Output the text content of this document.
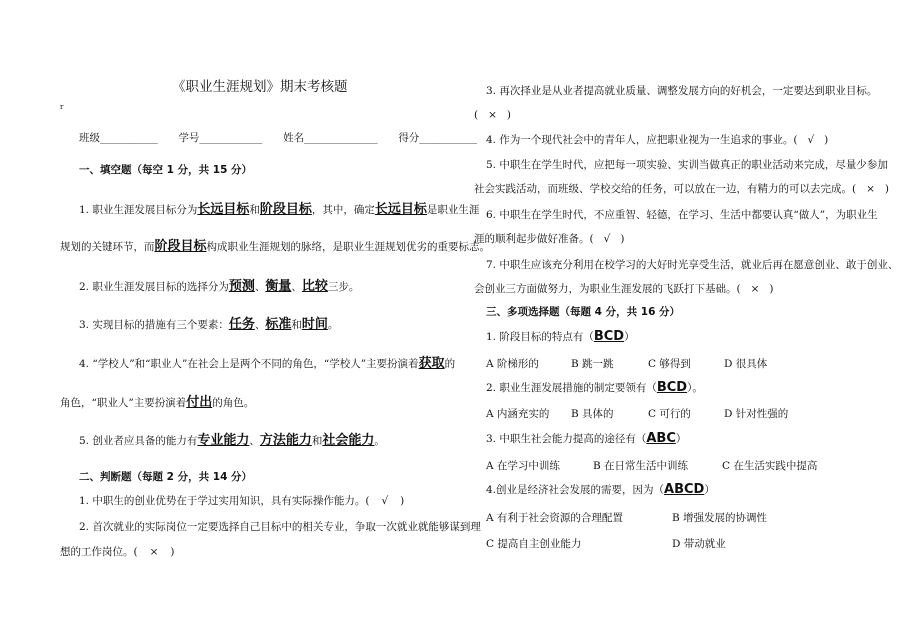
《职业生涯规划》期末考核题
r
班级___________ 学号____________ 姓名______________ 得分___________
一、填空题（每空 1 分，共 15 分）
1. 职业生涯发展目标分为长远目标和阶段目标，其中，确定长远目标是职业生涯
规划的关键环节，而阶段目标构成职业生涯规划的脉络，是职业生涯规划优劣的重要标志。
2. 职业生涯发展目标的选择分为预测、衡量、比较三步。
3. 实现目标的措施有三个要素：任务、标准和时间。
4. “学校人”和“职业人”在社会上是两个不同的角色，“学校人”主要扮演着获取的
角色，“职业人”主要扮演着付出的角色。
5. 创业者应具备的能力有专业能力、方法能力和社会能力。
二、判断题（每题 2 分，共 14 分）
1. 中职生的创业优势在于学过实用知识，具有实际操作能力。( √ )
2. 首次就业的实际岗位一定要选择自己目标中的相关专业，争取一次就业就能够谋到理
想的工作岗位。( × )
3. 再次择业是从业者提高就业质量、调整发展方向的好机会，一定要达到职业目标。
( × )
4. 作为一个现代社会中的青年人，应把职业视为一生追求的事业。( √ )
5. 中职生在学生时代，应把每一项实验、实训当做真正的职业活动来完成，尽量少参加
社会实践活动，而班级、学校交给的任务，可以放在一边，有精力的可以去完成。( × )
6. 中职生在学生时代，不应重智、轻德，在学习、生活中都要认真“做人”，为职业生
涯的顺利起步做好准备。( √ )
7. 中职生应该充分利用在校学习的大好时光享受生活，就业后再在愿意创业、敢于创业、
会创业三方面做努力，为职业生涯发展的飞跃打下基础。( × )
三、多项选择题（每题 4 分，共 16 分）
1. 阶段目标的特点有（BCD）
A 阶梯形的	B 跳一跳	C 够得到	D 很具体
2. 职业生涯发展措施的制定要领有（BCD）。
A 内涵充实的 B 具体的	C 可行的	D 针对性强的
3. 中职生社会能力提高的途径有（ABC）
A 在学习中训练	B 在日常生活中训练	C 在生活实践中提高
4.创业是经济社会发展的需要，因为（ABCD）
A 有利于社会资源的合理配置	B 增强发展的协调性
C 提高自主创业能力	D 带动就业
